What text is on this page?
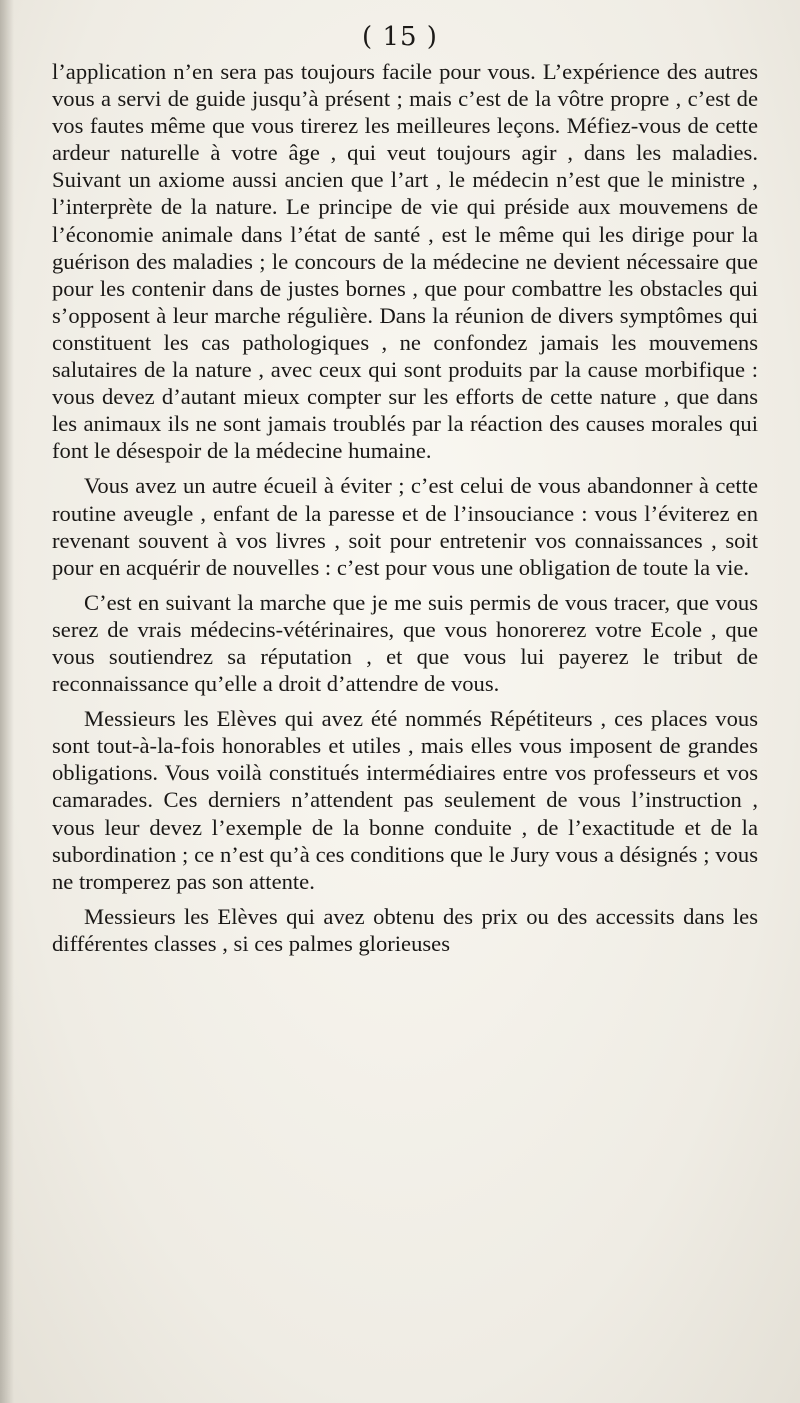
( 15 )

l’application n’en sera pas toujours facile pour vous. L’expérience des autres vous a servi de guide jusqu’à présent ; mais c’est de la vôtre propre , c’est de vos fautes même que vous tirerez les meilleures leçons. Méfiez-vous de cette ardeur naturelle à votre âge , qui veut toujours agir , dans les maladies. Suivant un axiome aussi ancien que l’art , le médecin n’est que le ministre , l’interprète de la nature. Le principe de vie qui préside aux mouvemens de l’économie animale dans l’état de santé , est le même qui les dirige pour la guérison des maladies ; le concours de la médecine ne devient nécessaire que pour les contenir dans de justes bornes , que pour combattre les obstacles qui s’opposent à leur marche régulière. Dans la réunion de divers symptômes qui constituent les cas pathologiques , ne confondez jamais les mouvemens salutaires de la nature , avec ceux qui sont produits par la cause morbifique : vous devez d’autant mieux compter sur les efforts de cette nature , que dans les animaux ils ne sont jamais troublés par la réaction des causes morales qui font le désespoir de la médecine humaine.

Vous avez un autre écueil à éviter ; c’est celui de vous abandonner à cette routine aveugle , enfant de la paresse et de l’insouciance : vous l’éviterez en revenant souvent à vos livres , soit pour entretenir vos connaissances , soit pour en acquérir de nouvelles : c’est pour vous une obligation de toute la vie.

C’est en suivant la marche que je me suis permis de vous tracer, que vous serez de vrais médecins-vétérinaires, que vous honorerez votre Ecole , que vous soutiendrez sa réputation , et que vous lui payerez le tribut de reconnaissance qu’elle a droit d’attendre de vous.

Messieurs les Elèves qui avez été nommés Répétiteurs , ces places vous sont tout-à-la-fois honorables et utiles , mais elles vous imposent de grandes obligations. Vous voilà constitués intermédiaires entre vos professeurs et vos camarades. Ces derniers n’attendent pas seulement de vous l’instruction , vous leur devez l’exemple de la bonne conduite , de l’exactitude et de la subordination ; ce n’est qu’à ces conditions que le Jury vous a désignés ; vous ne tromperez pas son attente.

Messieurs les Elèves qui avez obtenu des prix ou des accessits dans les différentes classes , si ces palmes glorieuses
